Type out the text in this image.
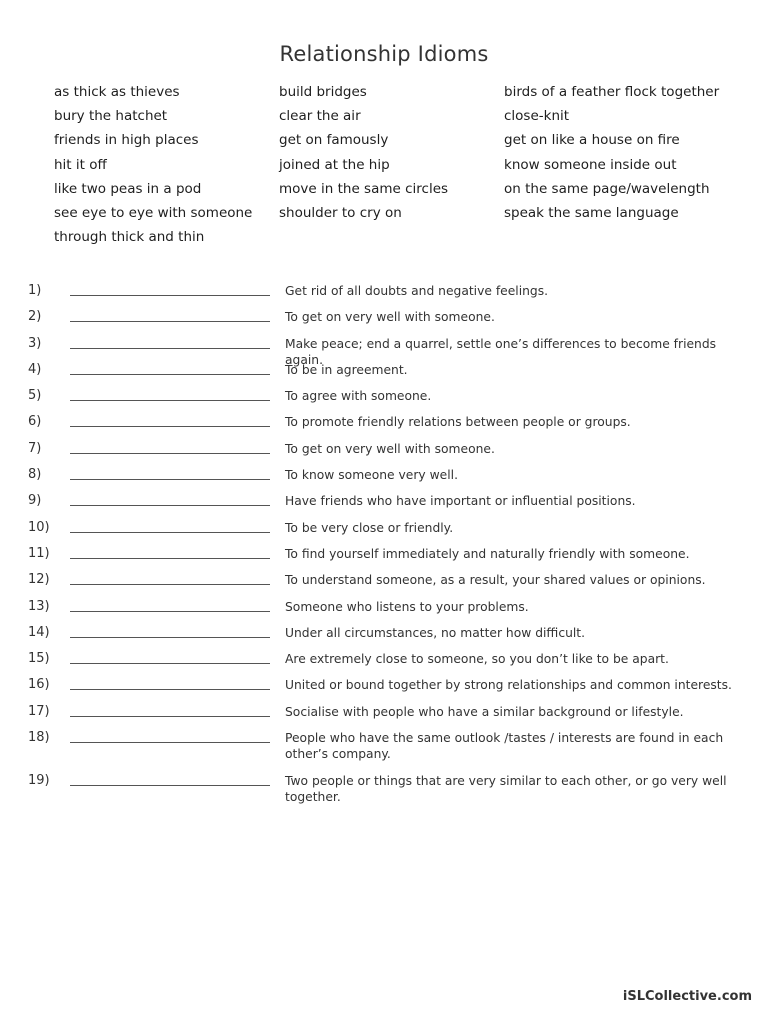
Relationship Idioms
as thick as thieves	build bridges	birds of a feather flock together
bury the hatchet	clear the air	close-knit
friends in high places	get on famously	get on like a house on fire
hit it off	joined at the hip	know someone inside out
like two peas in a pod	move in the same circles	on the same page/wavelength
see eye to eye with someone	shoulder to cry on	speak the same language
through thick and thin
1)	Get rid of all doubts and negative feelings.
2)	To get on very well with someone.
3)	Make peace; end a quarrel, settle one’s differences to become friends again.
4)	To be in agreement.
5)	To agree with someone.
6)	To promote friendly relations between people or groups.
7)	To get on very well with someone.
8)	To know someone very well.
9)	Have friends who have important or influential positions.
10)	To be very close or friendly.
11)	To find yourself immediately and naturally friendly with someone.
12)	To understand someone, as a result, your shared values or opinions.
13)	Someone who listens to your problems.
14)	Under all circumstances, no matter how difficult.
15)	Are extremely close to someone, so you don’t like to be apart.
16)	United or bound together by strong relationships and common interests.
17)	Socialise with people who have a similar background or lifestyle.
18)	People who have the same outlook /tastes / interests are found in each other’s company.
19)	Two people or things that are very similar to each other, or go very well together.
iSLCollective.com
